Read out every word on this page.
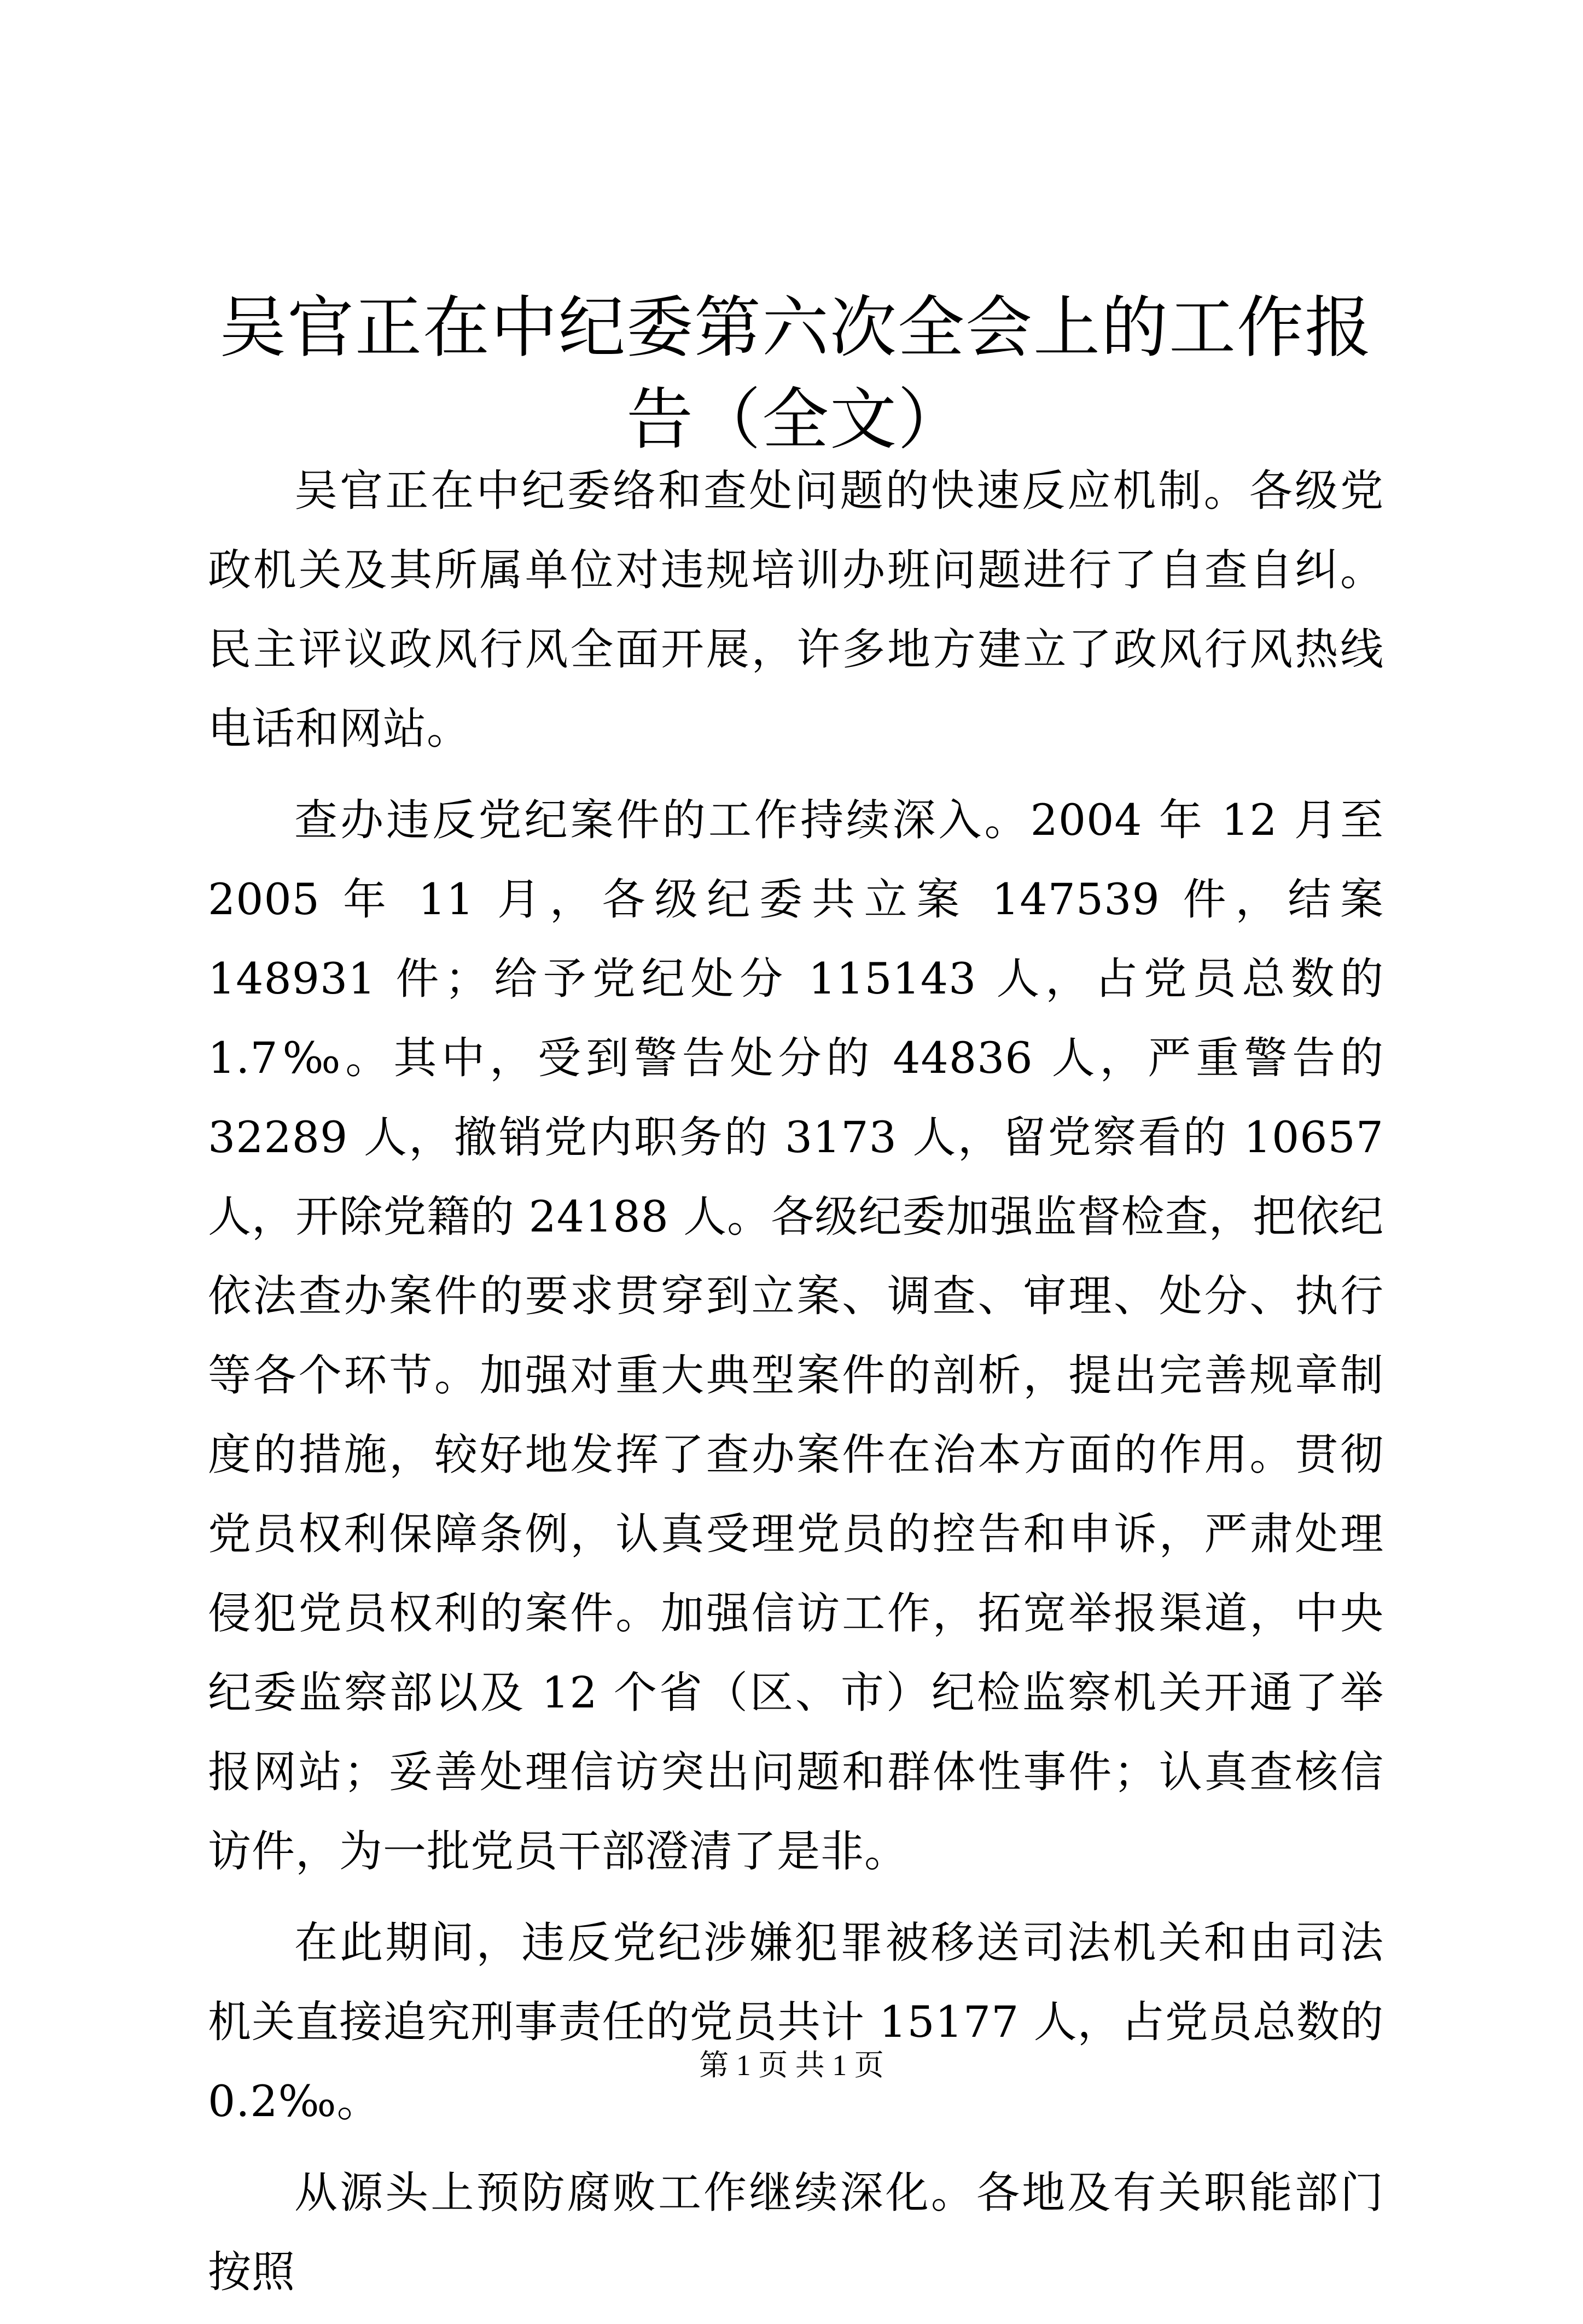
吴官正在中纪委第六次全会上的工作报告（全文）

吴官正在中纪委络和查处问题的快速反应机制。各级党政机关及其所属单位对违规培训办班问题进行了自查自纠。民主评议政风行风全面开展，许多地方建立了政风行风热线电话和网站。

查办违反党纪案件的工作持续深入。2004 年 12 月至 2005 年 11 月，各级纪委共立案 147539 件，结案 148931 件；给予党纪处分 115143 人，占党员总数的 1.7‰。其中，受到警告处分的 44836 人，严重警告的 32289 人，撤销党内职务的 3173 人，留党察看的 10657 人，开除党籍的 24188 人。各级纪委加强监督检查，把依纪依法查办案件的要求贯穿到立案、调查、审理、处分、执行等各个环节。加强对重大典型案件的剖析，提出完善规章制度的措施，较好地发挥了查办案件在治本方面的作用。贯彻党员权利保障条例，认真受理党员的控告和申诉，严肃处理侵犯党员权利的案件。加强信访工作，拓宽举报渠道，中央纪委监察部以及 12 个省（区、市）纪检监察机关开通了举报网站；妥善处理信访突出问题和群体性事件；认真查核信访件，为一批党员干部澄清了是非。

在此期间，违反党纪涉嫌犯罪被移送司法机关和由司法机关直接追究刑事责任的党员共计 15177 人，占党员总数的 0.2‰。

从源头上预防腐败工作继续深化。各地及有关职能部门按照

第 1 页 共 1 页
